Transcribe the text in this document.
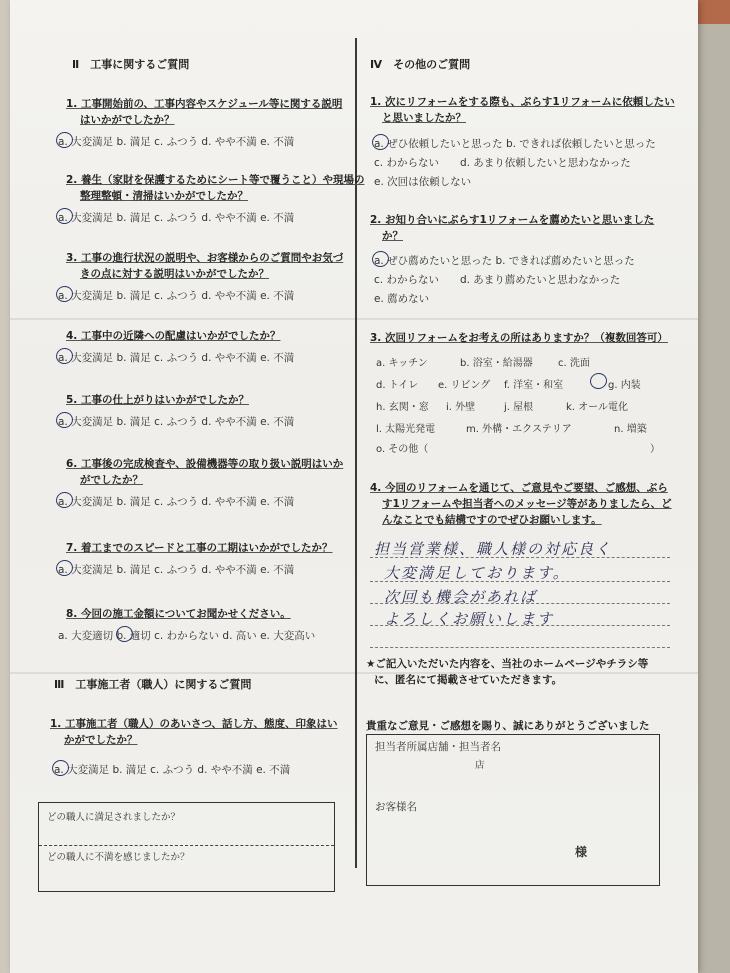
Ⅱ　工事に関するご質問
1. 工事開始前の、工事内容やスケジュール等に関する説明
はいかがでしたか？
a. 大変満足 b. 満足 c. ふつう d. やや不満 e. 不満
2. 養生（家財を保護するためにシート等で覆うこと）や現場の
整理整頓・清掃はいかがでしたか？
a. 大変満足 b. 満足 c. ふつう d. やや不満 e. 不満
3. 工事の進行状況の説明や、お客様からのご質問やお気づ
きの点に対する説明はいかがでしたか？
a. 大変満足 b. 満足 c. ふつう d. やや不満 e. 不満
4. 工事中の近隣への配慮はいかがでしたか？
a. 大変満足 b. 満足 c. ふつう d. やや不満 e. 不満
5. 工事の仕上がりはいかがでしたか？
a. 大変満足 b. 満足 c. ふつう d. やや不満 e. 不満
6. 工事後の完成検査や、設備機器等の取り扱い説明はいか
がでしたか？
a. 大変満足 b. 満足 c. ふつう d. やや不満 e. 不満
7. 着工までのスピードと工事の工期はいかがでしたか？
a. 大変満足 b. 満足 c. ふつう d. やや不満 e. 不満
8. 今回の施工金額についてお聞かせください。
a. 大変適切 b. 適切 c. わからない d. 高い e. 大変高い
Ⅲ　工事施工者（職人）に関するご質問
1. 工事施工者（職人）のあいさつ、話し方、態度、印象はい
かがでしたか？
a. 大変満足 b. 満足 c. ふつう d. やや不満 e. 不満
どの職人に満足されましたか？
どの職人に不満を感じましたか？
Ⅳ　その他のご質問
1. 次にリフォームをする際も、ぶらす1リフォームに依頼したい
と思いましたか？
a. ぜひ依頼したいと思った b. できれば依頼したいと思った
c. わからない　　d. あまり依頼したいと思わなかった
e. 次回は依頼しない
2. お知り合いにぶらす1リフォームを薦めたいと思いました
か？
a. ぜひ薦めたいと思った b. できれば薦めたいと思った
c. わからない　　d. あまり薦めたいと思わなかった
e. 薦めない
3. 次回リフォームをお考えの所はありますか？（複数回答可）
a. キッチン	b. 浴室・給湯器	c. 洗面
d. トイレ e. リビング f. 洋室・和室	g. 内装
h. 玄関・窓 i. 外壁	j. 屋根	k. オール電化
l. 太陽光発電	m. 外構・エクステリア	n. 増築
o. その他（	）
4. 今回のリフォームを通じて、ご意見やご要望、ご感想、ぶら
す1リフォームや担当者へのメッセージ等がありましたら、ど
んなことでも結構ですのでぜひお願いします。
担当営業様、職人様の対応良く
大変満足しております。
次回も機会があれば
よろしくお願いします
★ご記入いただいた内容を、当社のホームページやチラシ等
に、匿名にて掲載させていただきます。
貴重なご意見・ご感想を賜り、誠にありがとうございました
担当者所属店舗・担当者名
店
お客様名
様
